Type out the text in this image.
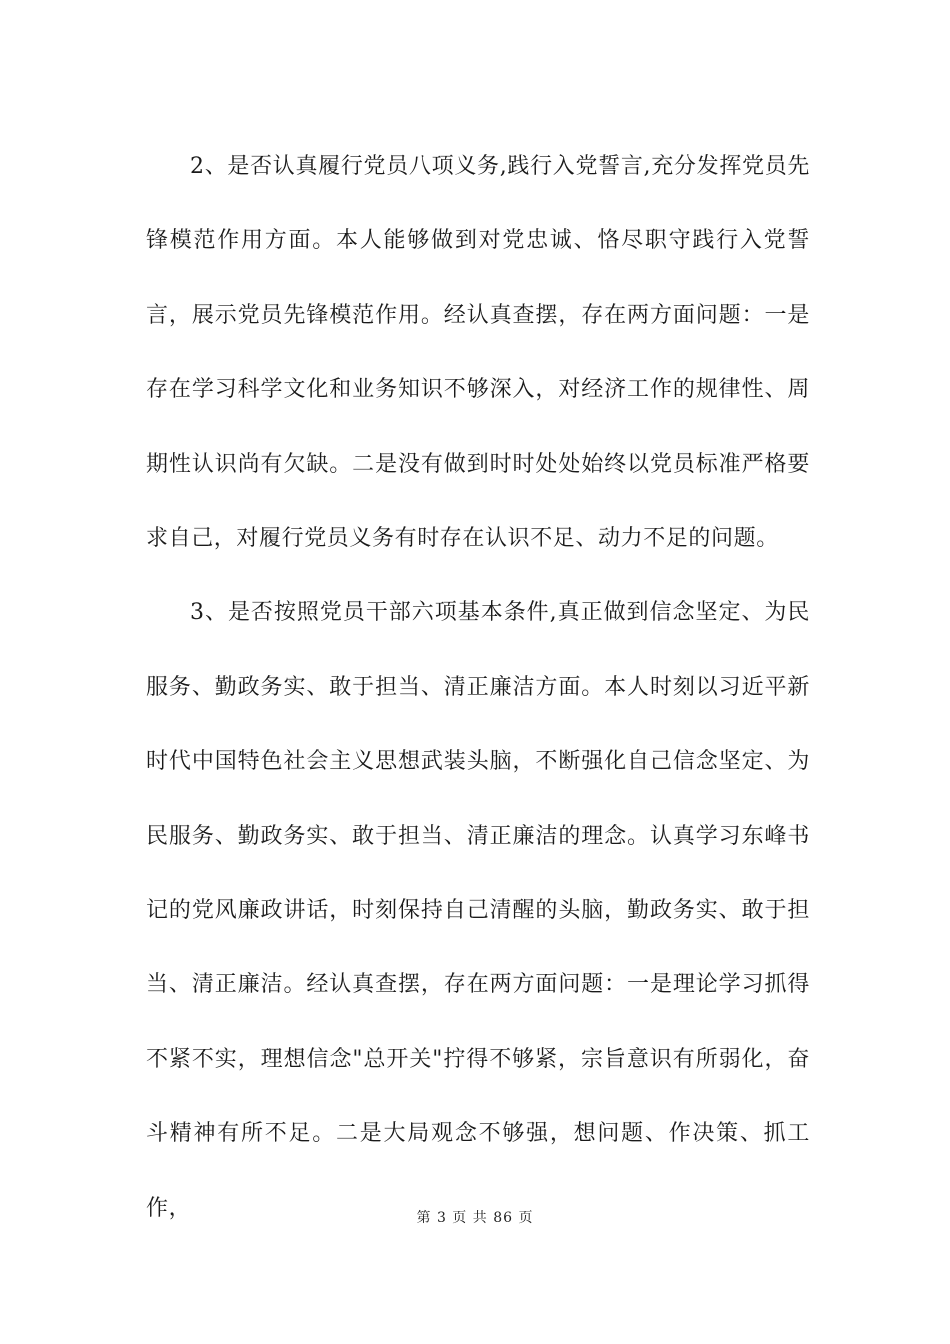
2、是否认真履行党员八项义务,践行入党誓言,充分发挥党员先锋模范作用方面。本人能够做到对党忠诚、恪尽职守践行入党誓言，展示党员先锋模范作用。经认真查摆，存在两方面问题：一是存在学习科学文化和业务知识不够深入，对经济工作的规律性、周期性认识尚有欠缺。二是没有做到时时处处始终以党员标准严格要求自己，对履行党员义务有时存在认识不足、动力不足的问题。

3、是否按照党员干部六项基本条件,真正做到信念坚定、为民服务、勤政务实、敢于担当、清正廉洁方面。本人时刻以习近平新时代中国特色社会主义思想武装头脑，不断强化自己信念坚定、为民服务、勤政务实、敢于担当、清正廉洁的理念。认真学习东峰书记的党风廉政讲话，时刻保持自己清醒的头脑，勤政务实、敢于担当、清正廉洁。经认真查摆，存在两方面问题：一是理论学习抓得不紧不实，理想信念"总开关"拧得不够紧，宗旨意识有所弱化，奋斗精神有所不足。二是大局观念不够强，想问题、作决策、抓工作，	第 3 页 共 86 页
